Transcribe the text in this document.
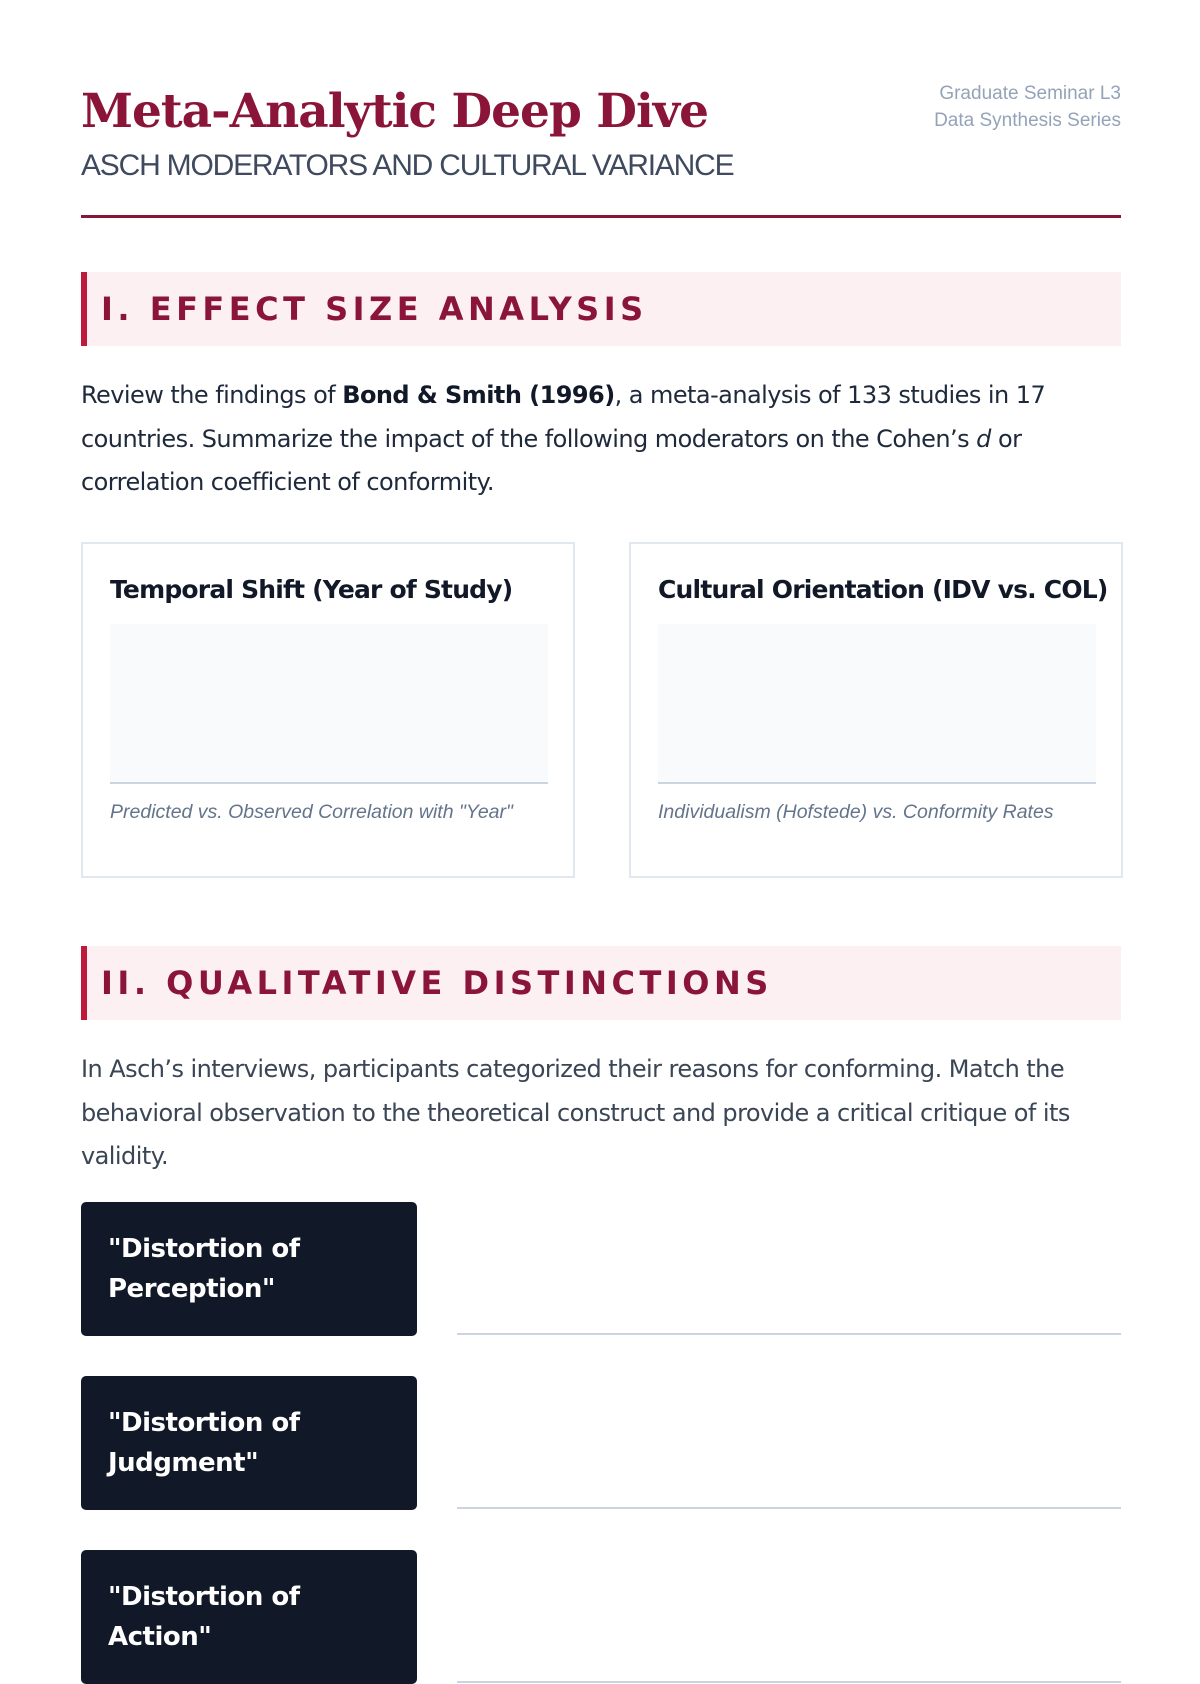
Meta-Analytic Deep Dive
ASCH MODERATORS AND CULTURAL VARIANCE
Graduate Seminar L3
Data Synthesis Series
I. EFFECT SIZE ANALYSIS
Review the findings of Bond & Smith (1996), a meta-analysis of 133 studies in 17 countries. Summarize the impact of the following moderators on the Cohen’s d or correlation coefficient of conformity.
Temporal Shift (Year of Study)
Predicted vs. Observed Correlation with "Year"
Cultural Orientation (IDV vs. COL)
Individualism (Hofstede) vs. Conformity Rates
II. QUALITATIVE DISTINCTIONS
In Asch’s interviews, participants categorized their reasons for conforming. Match the behavioral observation to the theoretical construct and provide a critical critique of its validity.
"Distortion of Perception"
"Distortion of Judgment"
"Distortion of Action"
